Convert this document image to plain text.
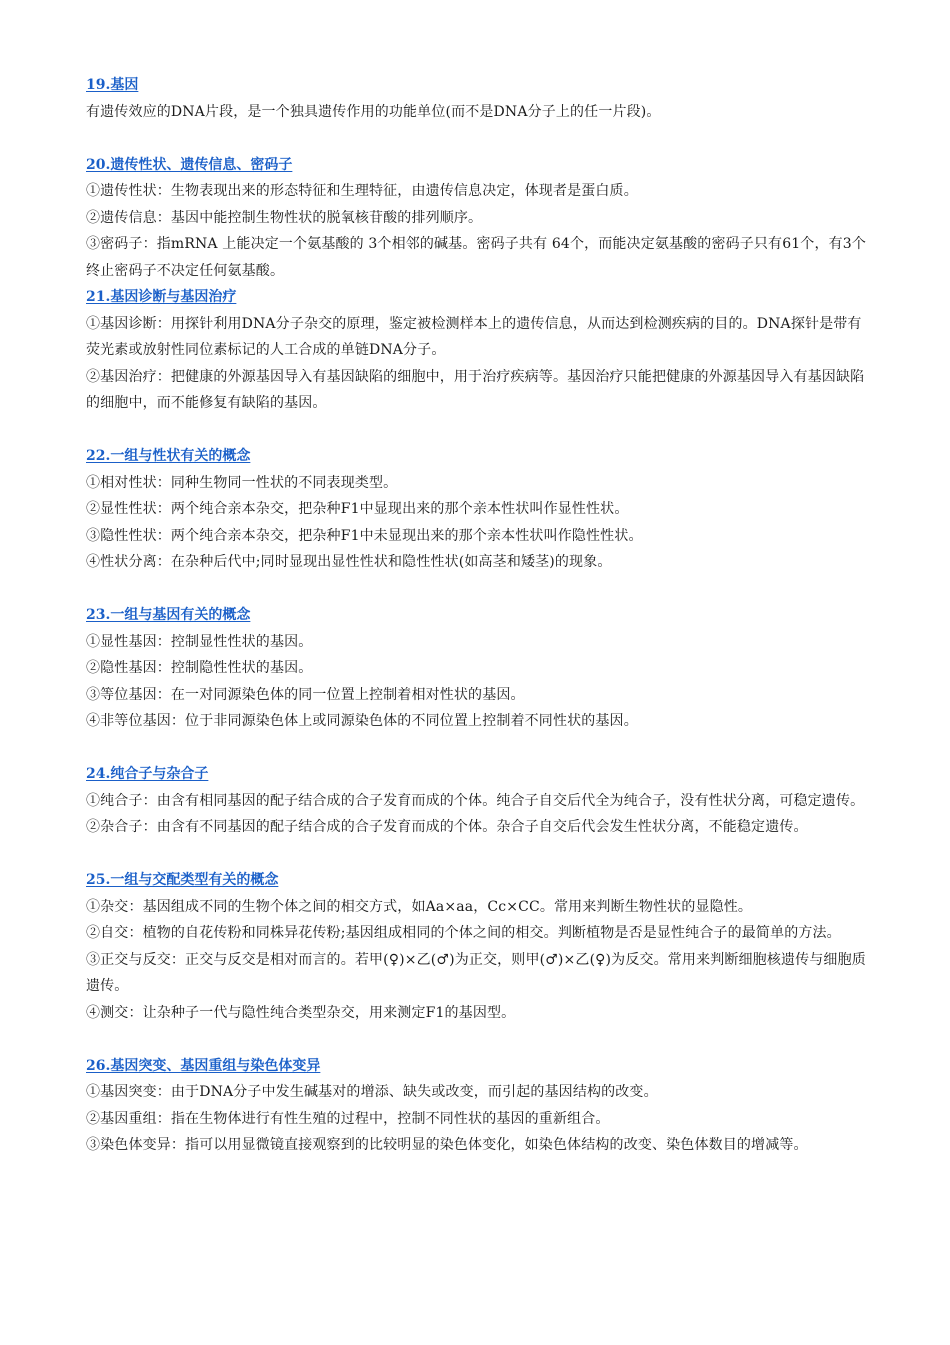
19.基因

有遗传效应的DNA片段，是一个独具遗传作用的功能单位(而不是DNA分子上的任一片段)。

20.遗传性状、遗传信息、密码子

①遗传性状：生物表现出来的形态特征和生理特征，由遗传信息决定，体现者是蛋白质。

②遗传信息：基因中能控制生物性状的脱氧核苷酸的排列顺序。

③密码子：指mRNA 上能决定一个氨基酸的 3个相邻的碱基。密码子共有 64个，而能决定氨基酸的密码子只有61个，有3个终止密码子不决定任何氨基酸。

21.基因诊断与基因治疗

①基因诊断：用探针利用DNA分子杂交的原理，鉴定被检测样本上的遗传信息，从而达到检测疾病的目的。DNA探针是带有荧光素或放射性同位素标记的人工合成的单链DNA分子。

②基因治疗：把健康的外源基因导入有基因缺陷的细胞中，用于治疗疾病等。基因治疗只能把健康的外源基因导入有基因缺陷的细胞中，而不能修复有缺陷的基因。

22.一组与性状有关的概念

①相对性状：同种生物同一性状的不同表现类型。

②显性性状：两个纯合亲本杂交，把杂种F1中显现出来的那个亲本性状叫作显性性状。

③隐性性状：两个纯合亲本杂交，把杂种F1中未显现出来的那个亲本性状叫作隐性性状。

④性状分离：在杂种后代中;同时显现出显性性状和隐性性状(如高茎和矮茎)的现象。

23.一组与基因有关的概念

①显性基因：控制显性性状的基因。

②隐性基因：控制隐性性状的基因。

③等位基因：在一对同源染色体的同一位置上控制着相对性状的基因。

④非等位基因：位于非同源染色体上或同源染色体的不同位置上控制着不同性状的基因。

24.纯合子与杂合子

①纯合子：由含有相同基因的配子结合成的合子发育而成的个体。纯合子自交后代全为纯合子，没有性状分离，可稳定遗传。

②杂合子：由含有不同基因的配子结合成的合子发育而成的个体。杂合子自交后代会发生性状分离，不能稳定遗传。

25.一组与交配类型有关的概念

①杂交：基因组成不同的生物个体之间的相交方式，如Aa×aa，Cc×CC。常用来判断生物性状的显隐性。

②自交：植物的自花传粉和同株异花传粉;基因组成相同的个体之间的相交。判断植物是否是显性纯合子的最简单的方法。

③正交与反交：正交与反交是相对而言的。若甲(♀)×乙(♂)为正交，则甲(♂)×乙(♀)为反交。常用来判断细胞核遗传与细胞质遗传。

④测交：让杂种子一代与隐性纯合类型杂交，用来测定F1的基因型。

26.基因突变、基因重组与染色体变异

①基因突变：由于DNA分子中发生碱基对的增添、缺失或改变，而引起的基因结构的改变。

②基因重组：指在生物体进行有性生殖的过程中，控制不同性状的基因的重新组合。

③染色体变异：指可以用显微镜直接观察到的比较明显的染色体变化，如染色体结构的改变、染色体数目的增减等。
